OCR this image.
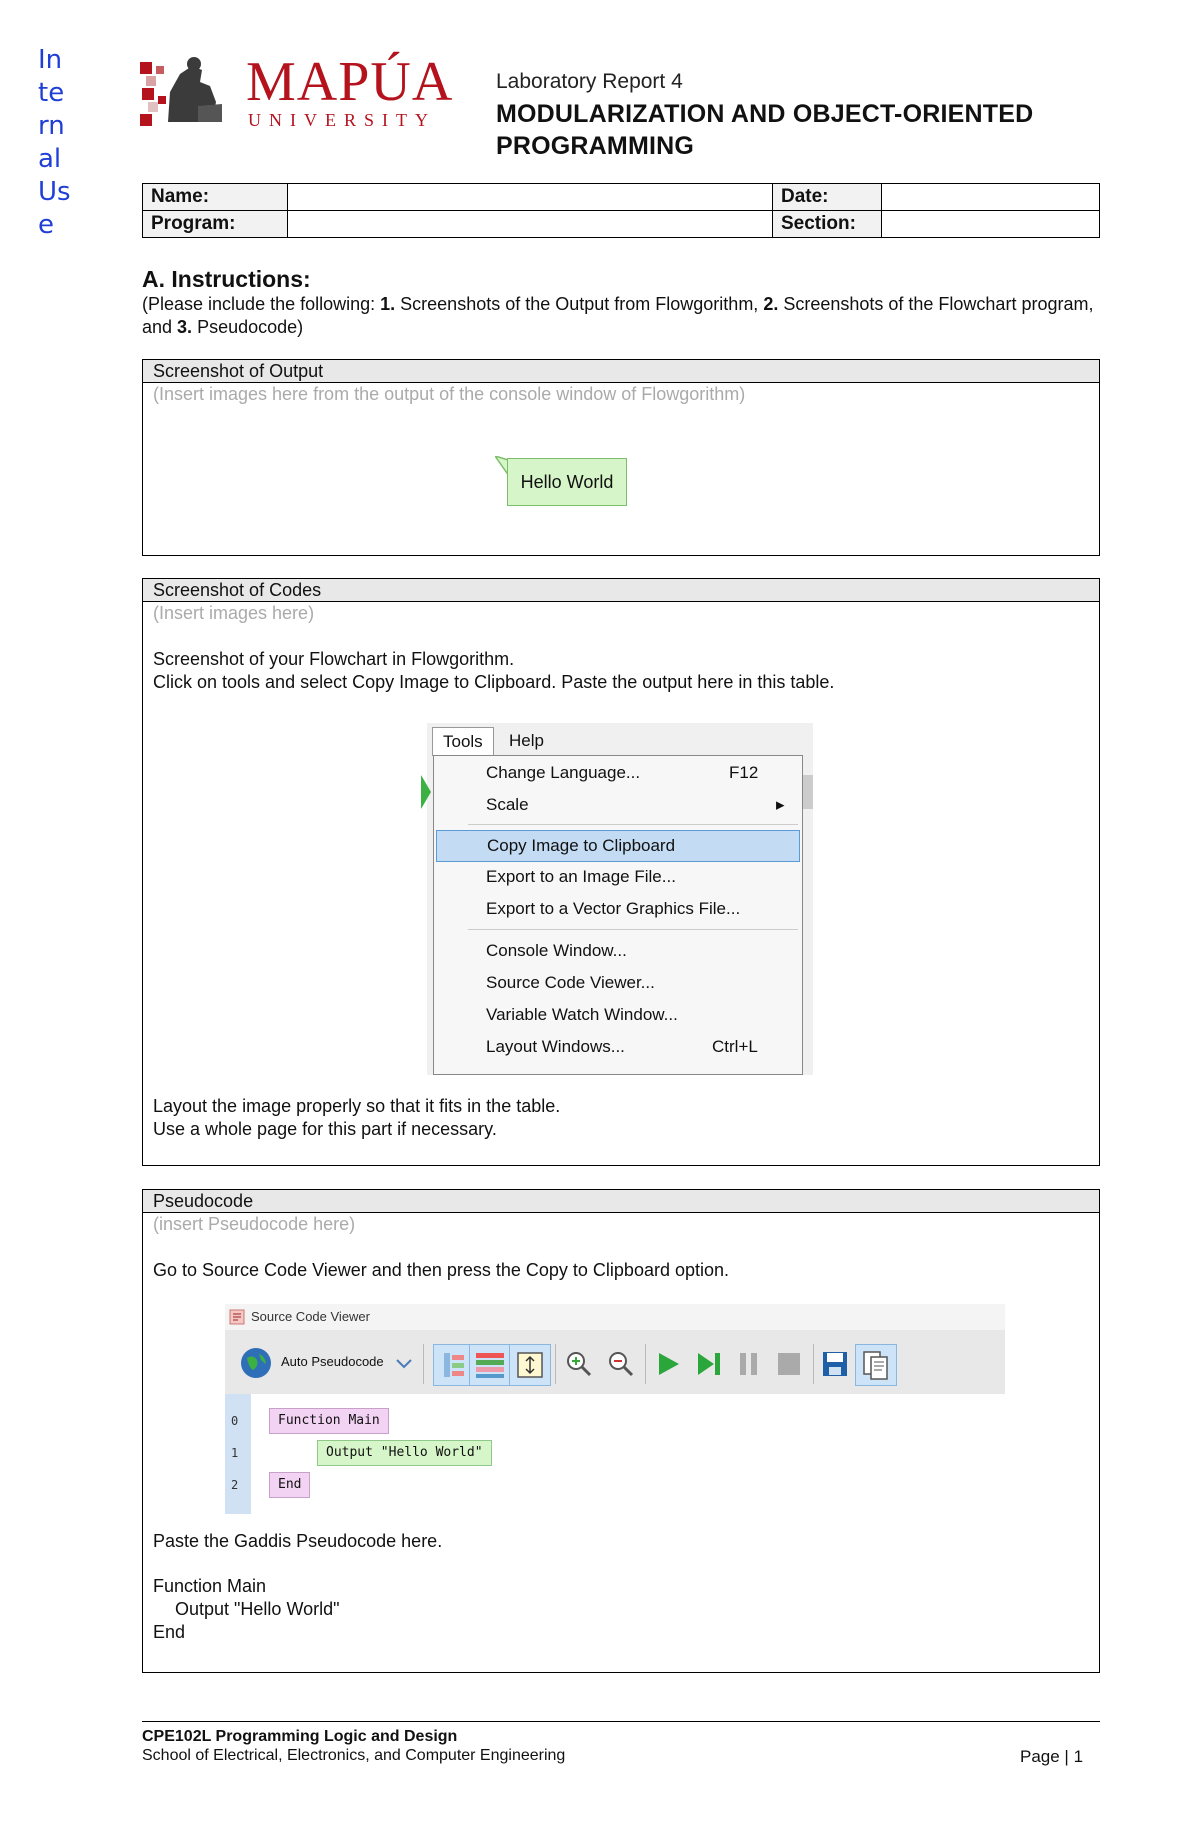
In
te
rn
al
Us
e
MAPÚA
UNIVERSITY
Laboratory Report 4
MODULARIZATION AND OBJECT-ORIENTED
PROGRAMMING
Name:		Date:	
Program:		Section:	
A. Instructions:
(Please include the following: 1. Screenshots of the Output from Flowgorithm, 2. Screenshots of the Flowchart program, and 3. Pseudocode)
Screenshot of Output
(Insert images here from the output of the console window of Flowgorithm)
Hello World
Screenshot of Codes
(Insert images here)
Screenshot of your Flowchart in Flowgorithm.
Click on tools and select Copy Image to Clipboard. Paste the output here in this table.
Tools	Help
Change Language...	F12
Scale	▸
Copy Image to Clipboard
Export to an Image File...
Export to a Vector Graphics File...
Console Window...
Source Code Viewer...
Variable Watch Window...
Layout Windows...	Ctrl+L
Layout the image properly so that it fits in the table.
Use a whole page for this part if necessary.
Pseudocode
(insert Pseudocode here)
Go to Source Code Viewer and then press the Copy to Clipboard option.
Source Code Viewer
Auto Pseudocode
0
1
2
Function Main
Output "Hello World"
End
Paste the Gaddis Pseudocode here.
Function Main
Output "Hello World"
End
CPE102L Programming Logic and Design
School of Electrical, Electronics, and Computer Engineering	Page | 1
